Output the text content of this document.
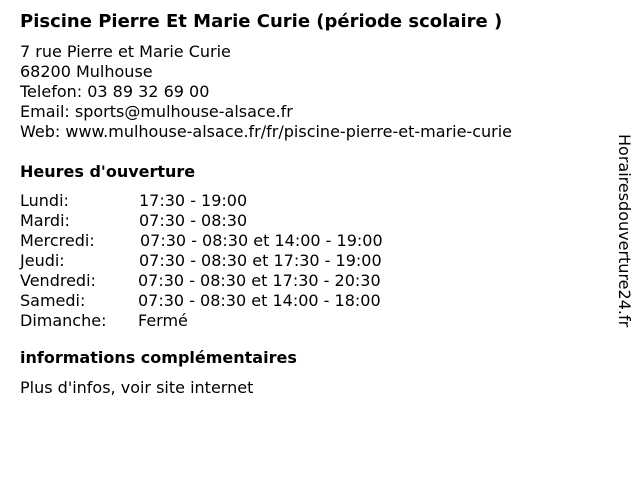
Piscine Pierre Et Marie Curie (période scolaire )
7 rue Pierre et Marie Curie
68200 Mulhouse
Telefon: 03 89 32 69 00
Email: sports@mulhouse-alsace.fr
Web: www.mulhouse-alsace.fr/fr/piscine-pierre-et-marie-curie
Heures d'ouverture
Lundi:	17:30 - 19:00
Mardi:	07:30 - 08:30
Mercredi:	07:30 - 08:30 et 14:00 - 19:00
Jeudi:	07:30 - 08:30 et 17:30 - 19:00
Vendredi:	07:30 - 08:30 et 17:30 - 20:30
Samedi:	07:30 - 08:30 et 14:00 - 18:00
Dimanche: Fermé
informations complémentaires
Plus d'infos, voir site internet
Horairesdouverture24.fr
